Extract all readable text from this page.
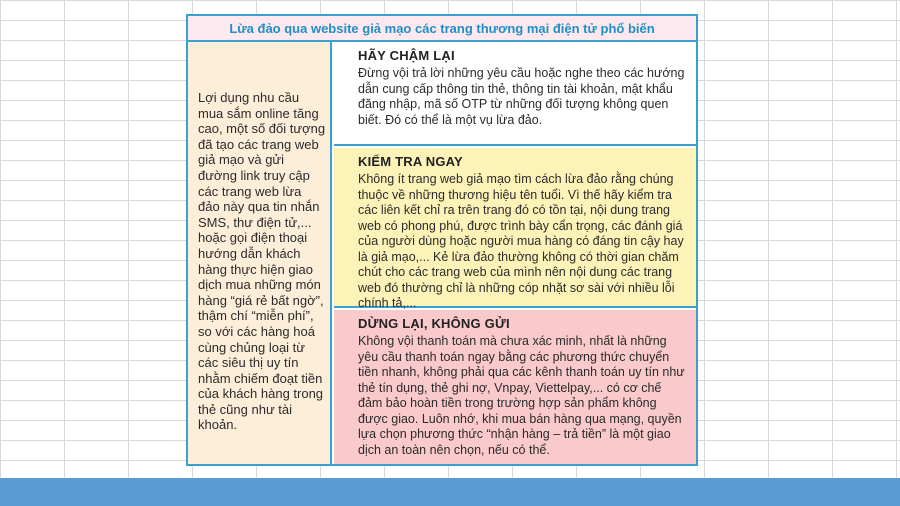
Lừa đảo qua website giả mạo các trang thương mại điện tử phổ biến
Lợi dụng nhu cầu mua sắm online tăng cao, một số đối tượng đã tạo các trang web giả mạo và gửi đường link truy cập các trang web lừa đảo này qua tin nhắn SMS, thư điện tử,... hoặc gọi điện thoại hướng dẫn khách hàng thực hiện giao dịch mua những món hàng “giá rẻ bất ngờ”, thậm chí “miễn phí”, so với các hàng hoá cùng chủng loại từ các siêu thị uy tín nhằm chiếm đoạt tiền của khách hàng trong thẻ cũng như tài khoản.
HÃY CHẬM LẠI
Đừng vội trả lời những yêu cầu hoặc nghe theo các hướng dẫn cung cấp thông tin thẻ, thông tin tài khoản, mật khẩu đăng nhập, mã số OTP từ những đối tượng không quen biết. Đó có thể là một vụ lừa đảo.
KIỂM TRA NGAY
Không ít trang web giả mạo tìm cách lừa đảo rằng chúng thuộc về những thương hiệu tên tuổi. Vì thế hãy kiểm tra các liên kết chỉ ra trên trang đó có tồn tại, nội dung trang web có phong phú, được trình bày cẩn trọng, các đánh giá của người dùng hoặc người mua hàng có đáng tin cậy hay là giả mạo,... Kẻ lừa đảo thường không có thời gian chăm chút cho các trang web của mình nên nội dung các trang web đó thường chỉ là những cóp nhặt sơ sài với nhiều lỗi chính tả,...
DỪNG LẠI, KHÔNG GỬI
Không vội thanh toán mà chưa xác minh, nhất là những yêu cầu thanh toán ngay bằng các phương thức chuyển tiền nhanh, không phải qua các kênh thanh toán uy tín như thẻ tín dụng, thẻ ghi nợ, Vnpay, Viettelpay,... có cơ chế đảm bảo hoàn tiền trong trường hợp sản phẩm không được giao. Luôn nhớ, khi mua bán hàng qua mạng, quyền lựa chọn phương thức “nhận hàng – trả tiền” là một giao dịch an toàn nên chọn, nếu có thể.
